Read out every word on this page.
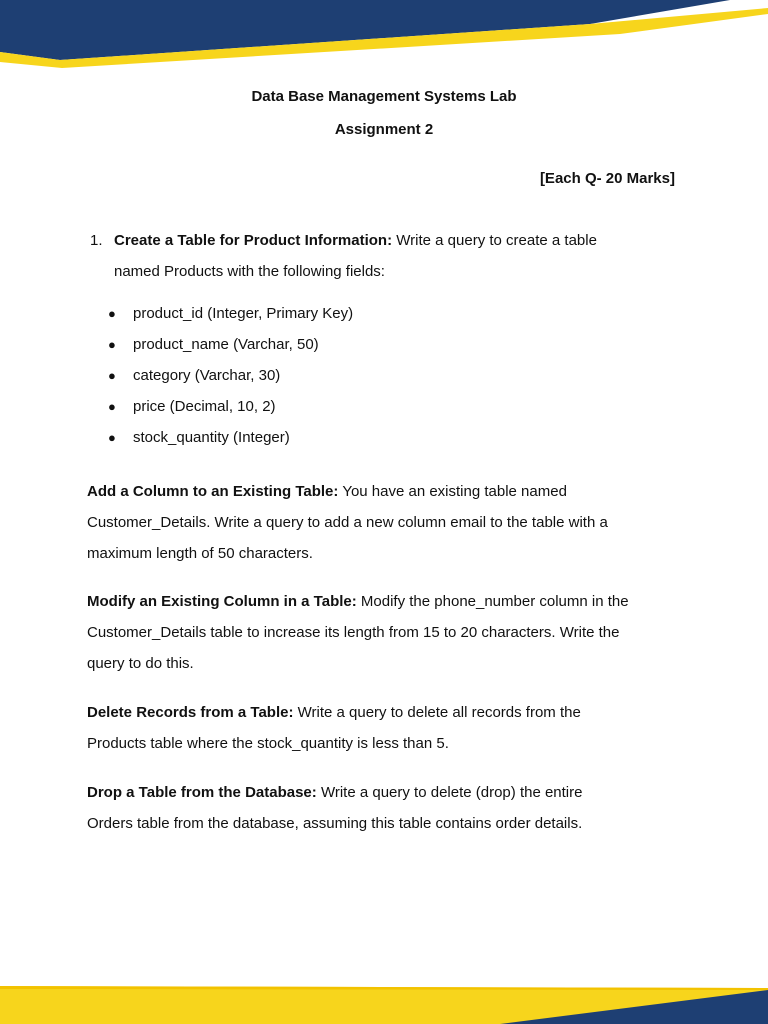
Data Base Management Systems Lab
Assignment 2
[Each Q- 20 Marks]
1. Create a Table for Product Information: Write a query to create a table
named Products with the following fields:
● product_id (Integer, Primary Key)
● product_name (Varchar, 50)
● category (Varchar, 30)
● price (Decimal, 10, 2)
● stock_quantity (Integer)
Add a Column to an Existing Table: You have an existing table named
Customer_Details. Write a query to add a new column email to the table with a
maximum length of 50 characters.
Modify an Existing Column in a Table: Modify the phone_number column in the
Customer_Details table to increase its length from 15 to 20 characters. Write the
query to do this.
Delete Records from a Table: Write a query to delete all records from the
Products table where the stock_quantity is less than 5.
Drop a Table from the Database: Write a query to delete (drop) the entire
Orders table from the database, assuming this table contains order details.
